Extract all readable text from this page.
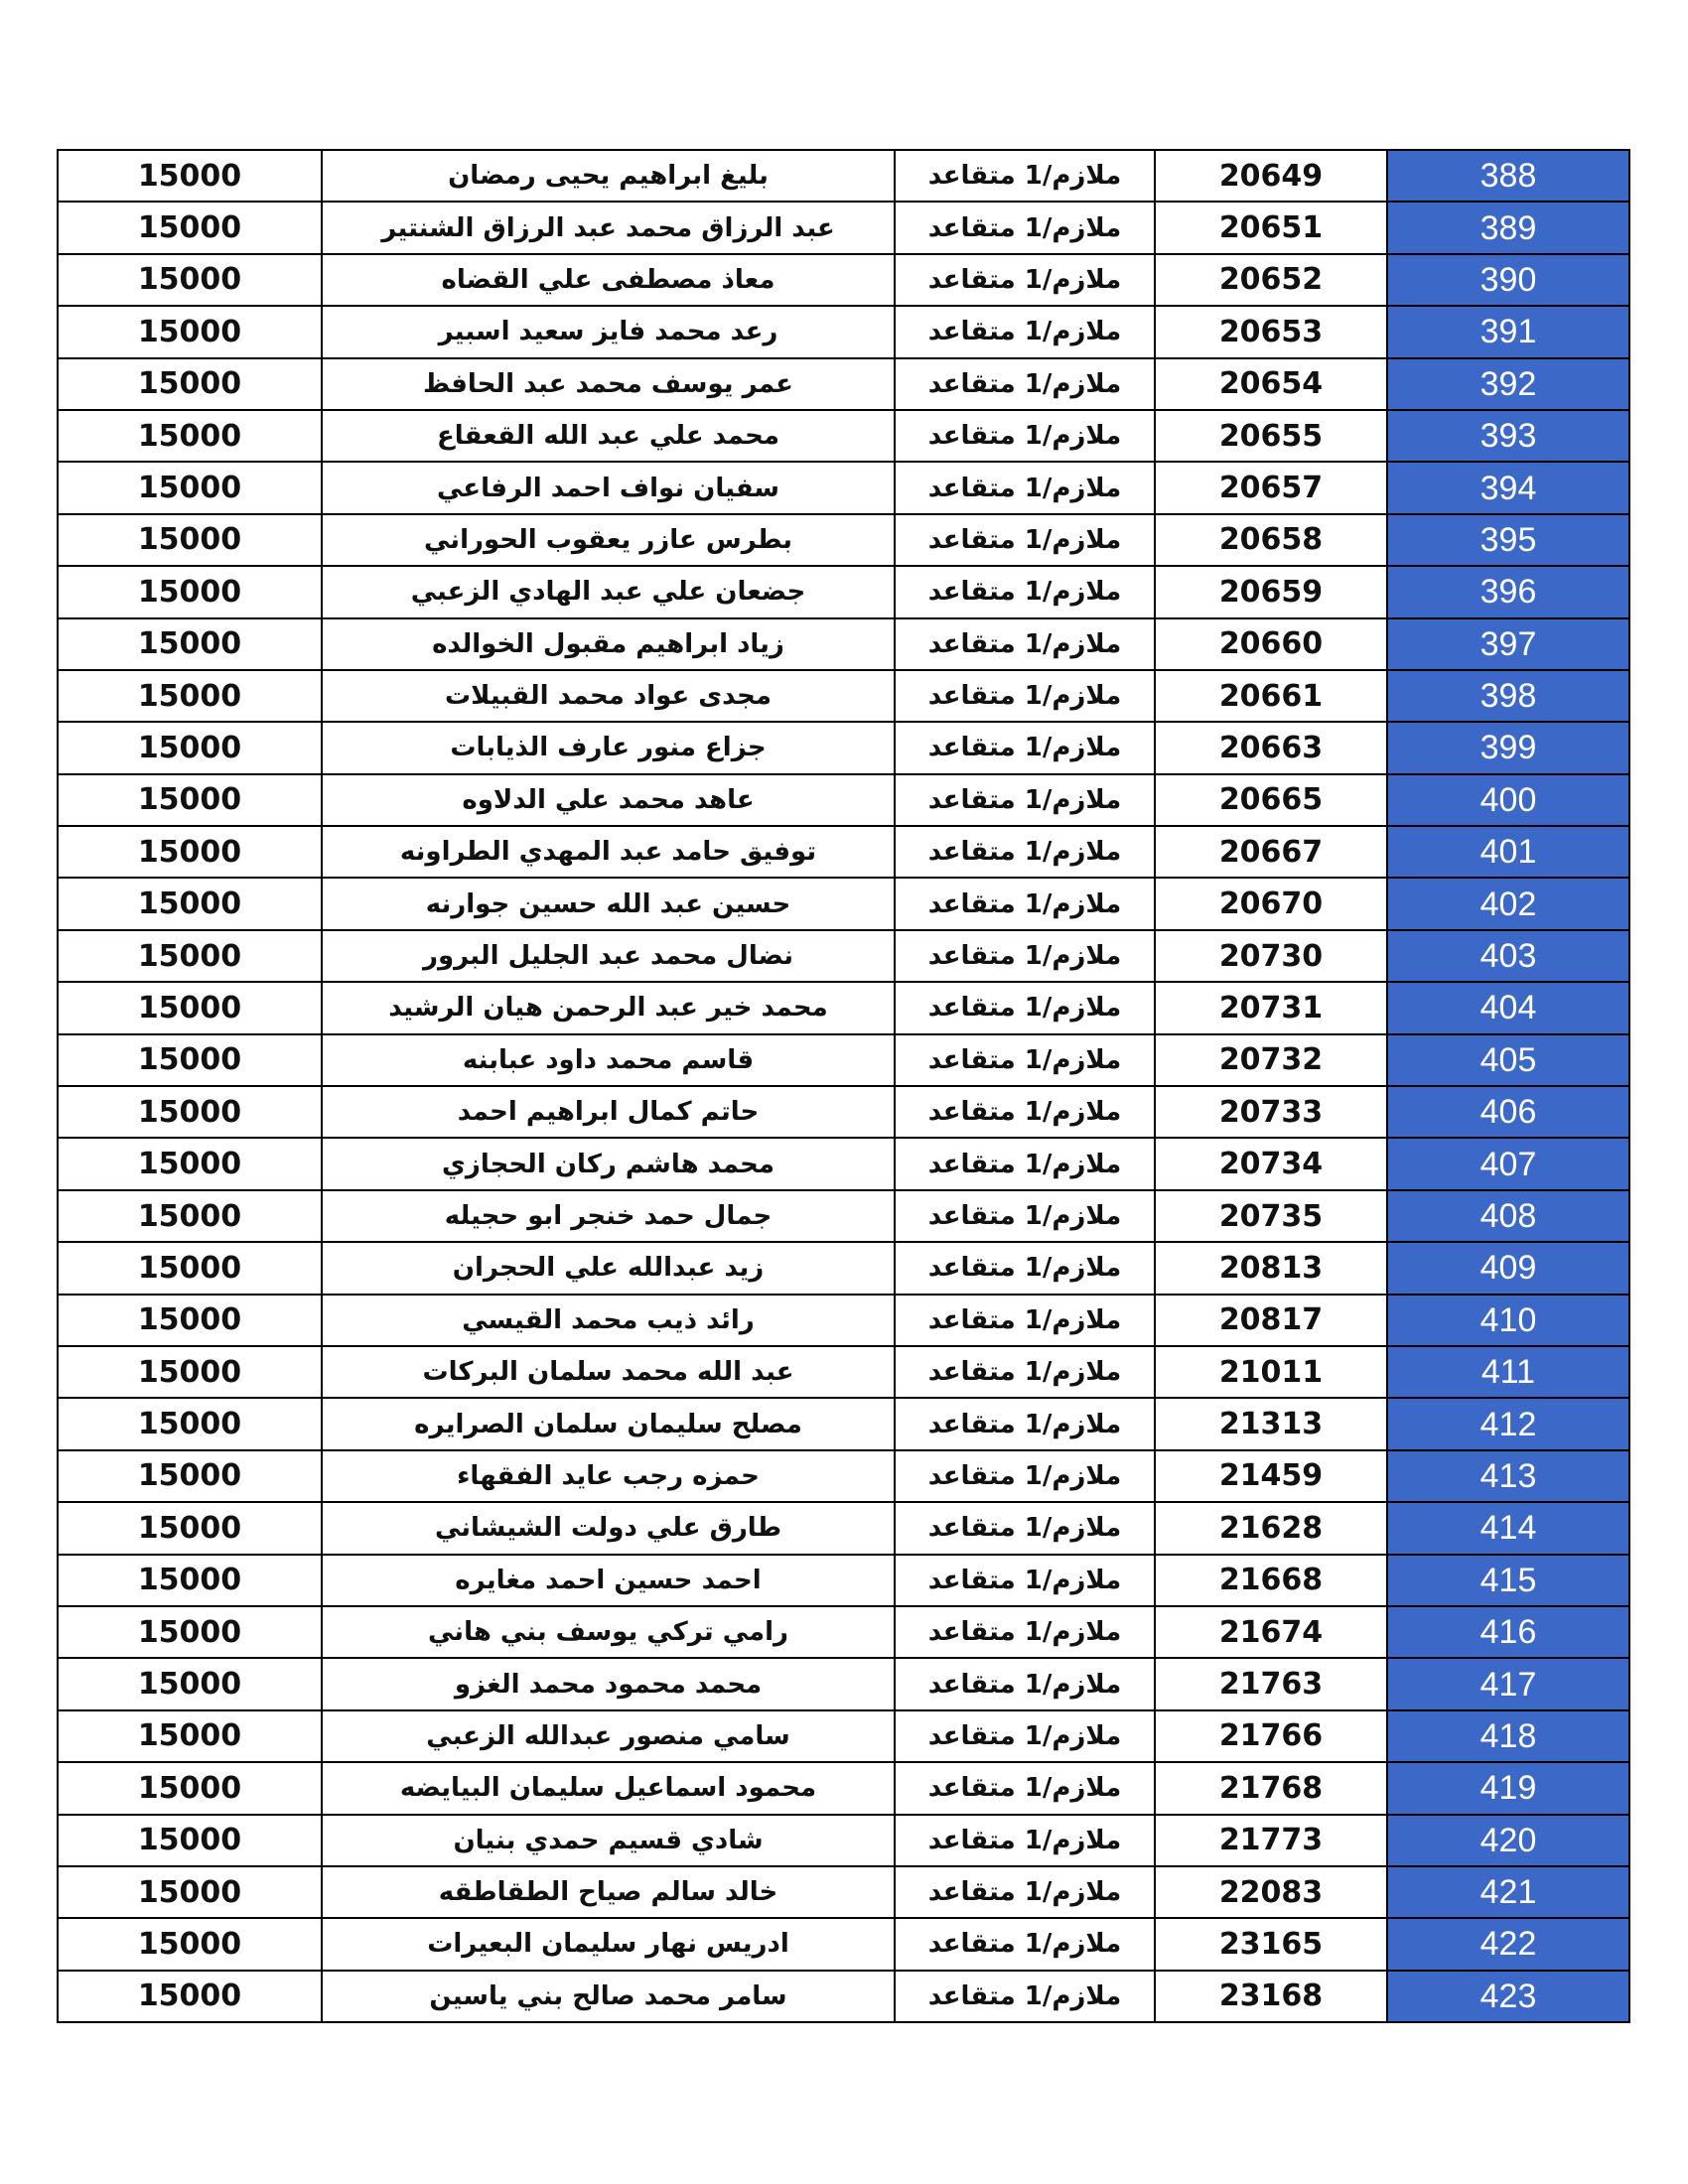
15000	بليغ ابراهيم يحيى رمضان	ملازم/1 متقاعد	20649	388
15000	عبد الرزاق محمد عبد الرزاق الشنتير	ملازم/1 متقاعد	20651	389
15000	معاذ مصطفى علي القضاه	ملازم/1 متقاعد	20652	390
15000	رعد محمد فايز سعيد اسبير	ملازم/1 متقاعد	20653	391
15000	عمر يوسف محمد عبد الحافظ	ملازم/1 متقاعد	20654	392
15000	محمد علي عبد الله القعقاع	ملازم/1 متقاعد	20655	393
15000	سفيان نواف احمد الرفاعي	ملازم/1 متقاعد	20657	394
15000	بطرس عازر يعقوب الحوراني	ملازم/1 متقاعد	20658	395
15000	جضعان علي عبد الهادي الزعبي	ملازم/1 متقاعد	20659	396
15000	زياد ابراهيم مقبول الخوالده	ملازم/1 متقاعد	20660	397
15000	مجدى عواد محمد القبيلات	ملازم/1 متقاعد	20661	398
15000	جزاع منور عارف الذيابات	ملازم/1 متقاعد	20663	399
15000	عاهد محمد علي الدلاوه	ملازم/1 متقاعد	20665	400
15000	توفيق حامد عبد المهدي الطراونه	ملازم/1 متقاعد	20667	401
15000	حسين عبد الله حسين جوارنه	ملازم/1 متقاعد	20670	402
15000	نضال محمد عبد الجليل البرور	ملازم/1 متقاعد	20730	403
15000	محمد خير عبد الرحمن هيان الرشيد	ملازم/1 متقاعد	20731	404
15000	قاسم محمد داود عبابنه	ملازم/1 متقاعد	20732	405
15000	حاتم كمال ابراهيم احمد	ملازم/1 متقاعد	20733	406
15000	محمد هاشم ركان الحجازي	ملازم/1 متقاعد	20734	407
15000	جمال حمد خنجر ابو حجيله	ملازم/1 متقاعد	20735	408
15000	زيد عبدالله علي الحجران	ملازم/1 متقاعد	20813	409
15000	رائد ذيب محمد القيسي	ملازم/1 متقاعد	20817	410
15000	عبد الله محمد سلمان البركات	ملازم/1 متقاعد	21011	411
15000	مصلح سليمان سلمان الصرايره	ملازم/1 متقاعد	21313	412
15000	حمزه رجب عايد الفقهاء	ملازم/1 متقاعد	21459	413
15000	طارق علي دولت الشيشاني	ملازم/1 متقاعد	21628	414
15000	احمد حسين احمد مغايره	ملازم/1 متقاعد	21668	415
15000	رامي تركي يوسف بني هاني	ملازم/1 متقاعد	21674	416
15000	محمد محمود محمد الغزو	ملازم/1 متقاعد	21763	417
15000	سامي منصور عبدالله الزعبي	ملازم/1 متقاعد	21766	418
15000	محمود اسماعيل سليمان البيايضه	ملازم/1 متقاعد	21768	419
15000	شادي قسيم حمدي بنيان	ملازم/1 متقاعد	21773	420
15000	خالد سالم صياح الطقاطقه	ملازم/1 متقاعد	22083	421
15000	ادريس نهار سليمان البعيرات	ملازم/1 متقاعد	23165	422
15000	سامر محمد صالح بني ياسين	ملازم/1 متقاعد	23168	423
